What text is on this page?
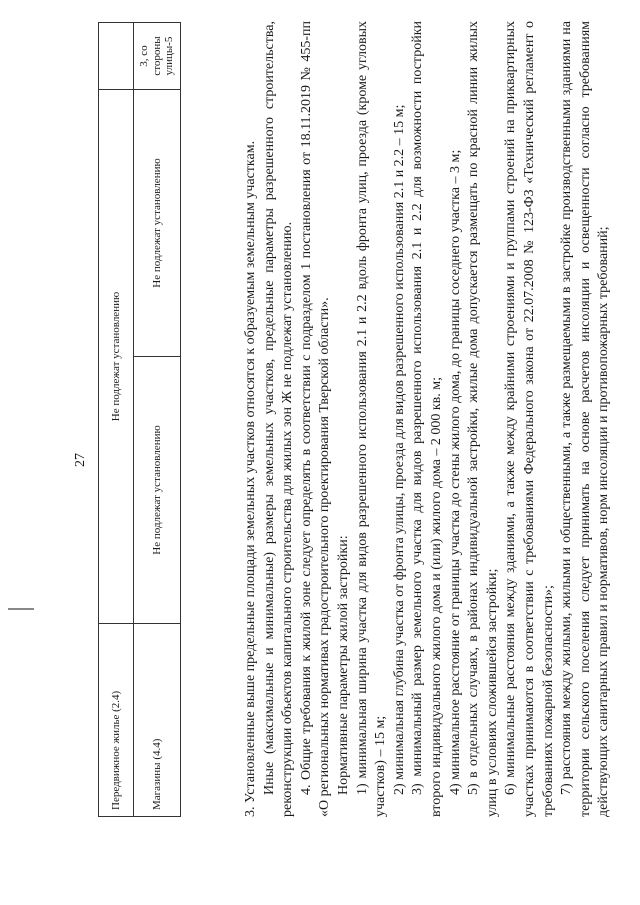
27
Передвижное жилье (2.4)	Не подлежат установлению		
Магазины (4.4)	Не подлежат установлению	Не подлежат установлению	3, со стороны улицы-5

3. Установленные выше предельные площади земельных участков относятся к образуемым земельным участкам. Иные (максимальные и минимальные) размеры земельных участков, предельные параметры разрешенного строительства, реконструкции объектов капитального строительства для жилых зон Ж не подлежат установлению. 4. Общие требования к жилой зоне следует определять в соответствии с подразделом 1 постановления от 18.11.2019 № 455-пп «О региональных нормативах градостроительного проектирования Тверской области». Нормативные параметры жилой застройки: 1) минимальная ширина участка для видов разрешенного использования 2.1 и 2.2 вдоль фронта улиц, проезда (кроме угловых участков) – 15 м; 2) минимальная глубина участка от фронта улицы, проезда для видов разрешенного использования 2.1 и 2.2 – 15 м; 3) минимальный размер земельного участка для видов разрешенного использования 2.1 и 2.2 для возможности постройки второго индивидуального жилого дома и (или) жилого дома – 2 000 кв. м; 4) минимальное расстояние от границы участка до стены жилого дома, до границы соседнего участка – 3 м; 5) в отдельных случаях, в районах индивидуальной застройки, жилые дома допускается размещать по красной линии жилых улиц в условиях сложившейся застройки; 6) минимальные расстояния между зданиями, а также между крайними строениями и группами строений на приквартирных участках принимаются в соответствии с требованиями Федерального закона от 22.07.2008 № 123-ФЗ «Технический регламент о требованиях пожарной безопасности»; 7) расстояния между жилыми, жилыми и общественными, а также размещаемыми в застройке производственными зданиями на территории сельского поселения следует принимать на основе расчетов инсоляции и освещенности согласно требованиям действующих санитарных правил и нормативов, норм инсоляции и противопожарных требований;
